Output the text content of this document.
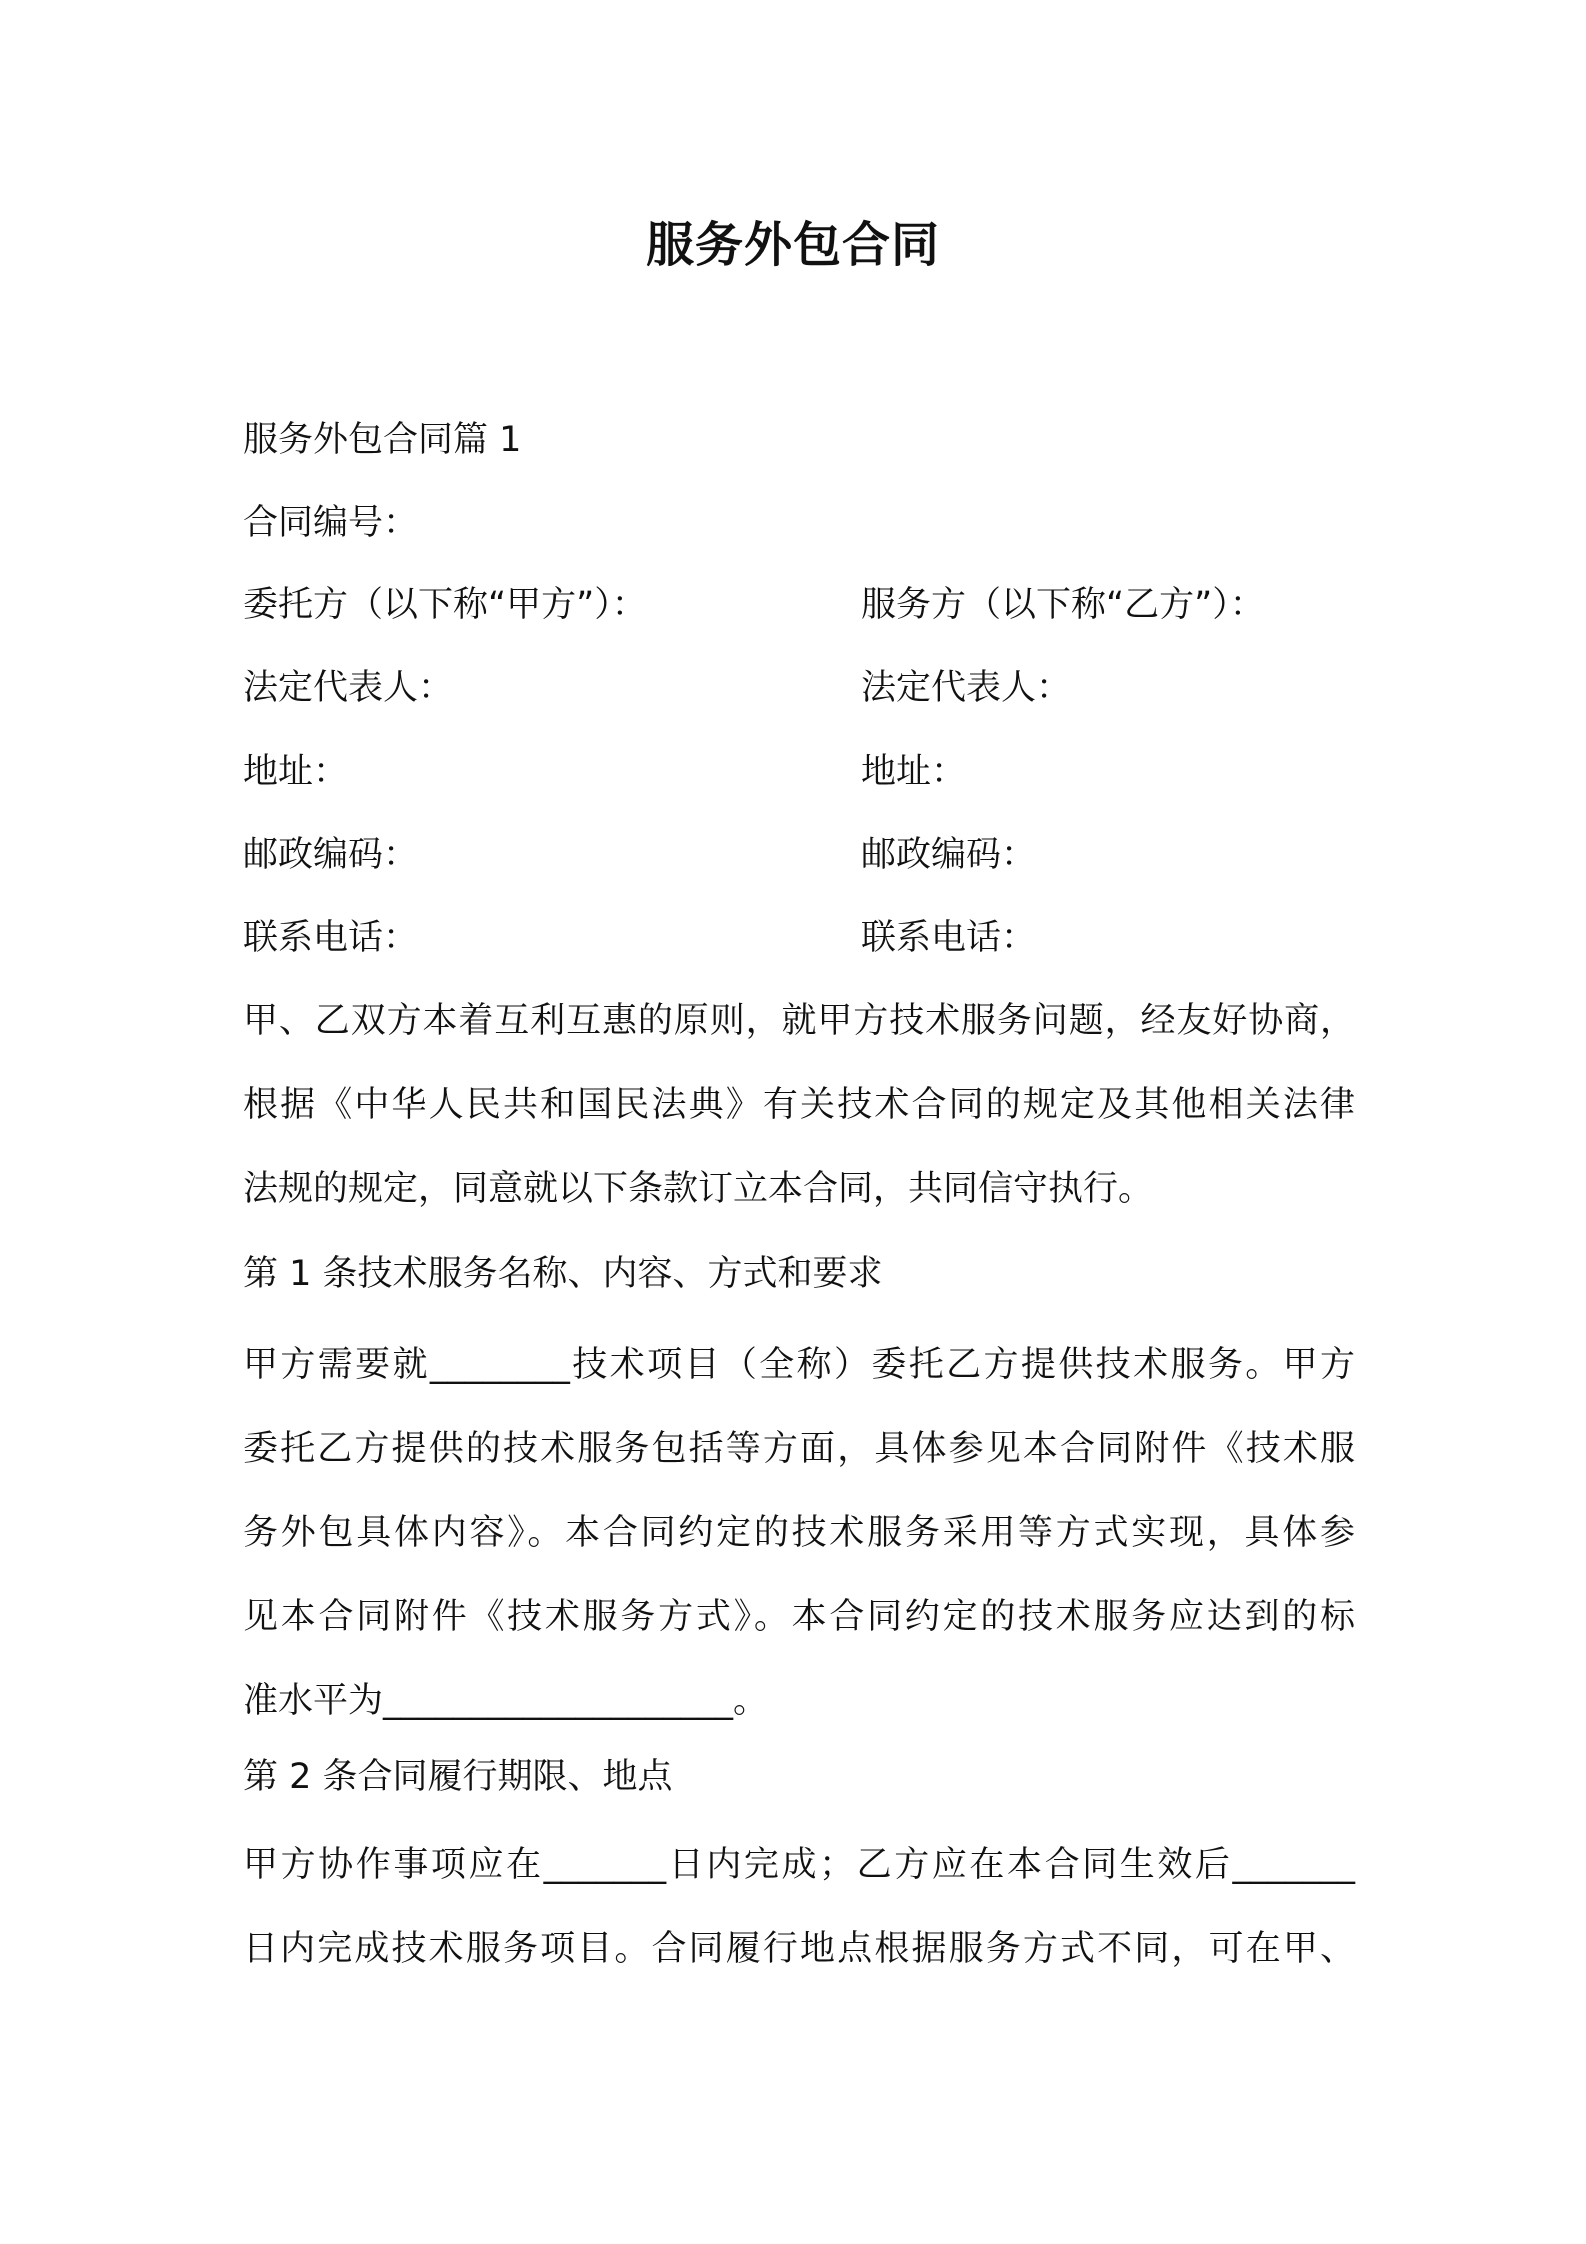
服务外包合同
服务外包合同篇 1
合同编号：
委托方（以下称“甲方”）：	服务方（以下称“乙方”）：
法定代表人：	法定代表人：
地址：	地址：
邮政编码：	邮政编码：
联系电话：	联系电话：
甲、乙双方本着互利互惠的原则，就甲方技术服务问题，经友好协商，
根据《中华人民共和国民法典》有关技术合同的规定及其他相关法律
法规的规定，同意就以下条款订立本合同，共同信守执行。
第 1 条技术服务名称、内容、方式和要求
甲方需要就________技术项目（全称）委托乙方提供技术服务。甲方
委托乙方提供的技术服务包括等方面，具体参见本合同附件《技术服
务外包具体内容》。本合同约定的技术服务采用等方式实现，具体参
见本合同附件《技术服务方式》。本合同约定的技术服务应达到的标
准水平为____________________。
第 2 条合同履行期限、地点
甲方协作事项应在_______日内完成；乙方应在本合同生效后_______
日内完成技术服务项目。合同履行地点根据服务方式不同，可在甲、
